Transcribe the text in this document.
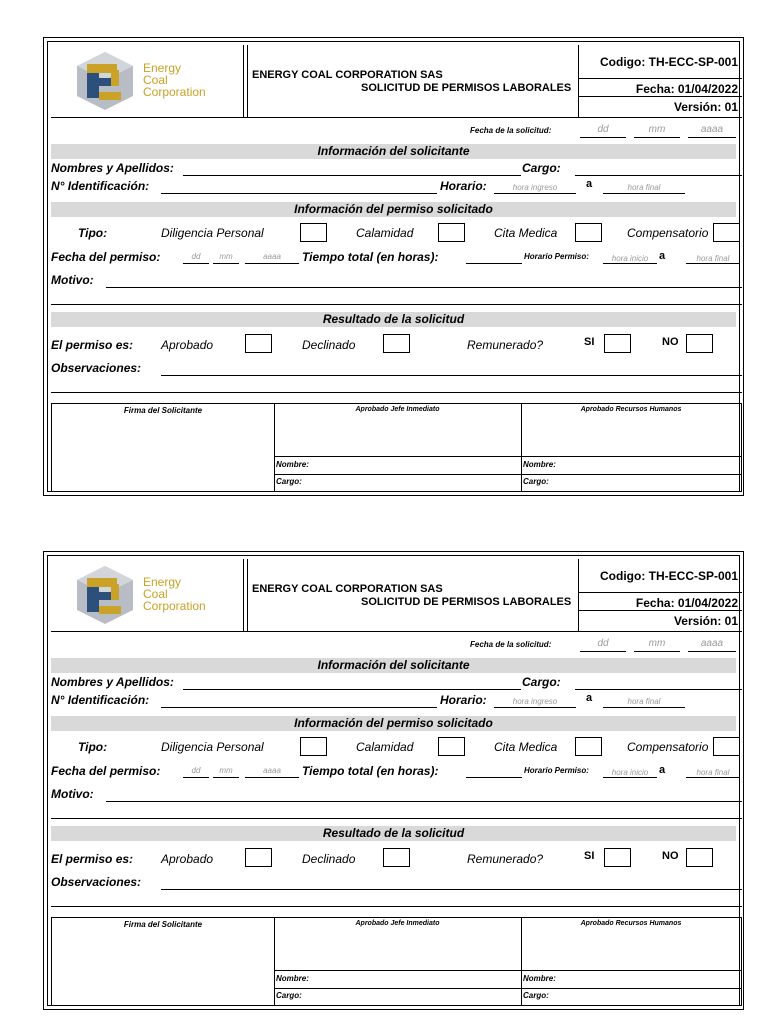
Energy
Coal
Corporation
ENERGY COAL CORPORATION SAS
SOLICITUD DE PERMISOS LABORALES
Codigo: TH-ECC-SP-001
Fecha: 01/04/2022
Versión: 01
Fecha de la solicitud:	dd	mm	aaaa
Información del solicitante
Nombres y Apellidos:	Cargo:
N° Identificación:	Horario:	hora ingreso	a	hora final
Información del permiso solicitado
Tipo:	Diligencia Personal	Calamidad	Cita Medica	Compensatorio
Fecha del permiso:	dd	mm	aaaa	Tiempo total (en horas):	Horario Permiso:	hora inicio a	hora final
Motivo:
Resultado de la solicitud
El permiso es: Aprobado	Declinado	Remunerado?	SI	NO
Observaciones:
Firma del Solicitante	Aprobado Jefe Inmediato	Aprobado Recursos Humanos
Nombre:
Cargo:
Nombre:
Cargo:
Energy
Coal
Corporation
ENERGY COAL CORPORATION SAS
SOLICITUD DE PERMISOS LABORALES
Codigo: TH-ECC-SP-001
Fecha: 01/04/2022
Versión: 01
Fecha de la solicitud:	dd	mm	aaaa
Información del solicitante
Nombres y Apellidos:	Cargo:
N° Identificación:	Horario:	hora ingreso	a	hora final
Información del permiso solicitado
Tipo:	Diligencia Personal	Calamidad	Cita Medica	Compensatorio
Fecha del permiso:	dd	mm	aaaa	Tiempo total (en horas):	Horario Permiso:	hora inicio a	hora final
Motivo:
Resultado de la solicitud
El permiso es: Aprobado	Declinado	Remunerado?	SI	NO
Observaciones:
Firma del Solicitante	Aprobado Jefe Inmediato	Aprobado Recursos Humanos
Nombre:
Cargo:
Nombre:
Cargo:
